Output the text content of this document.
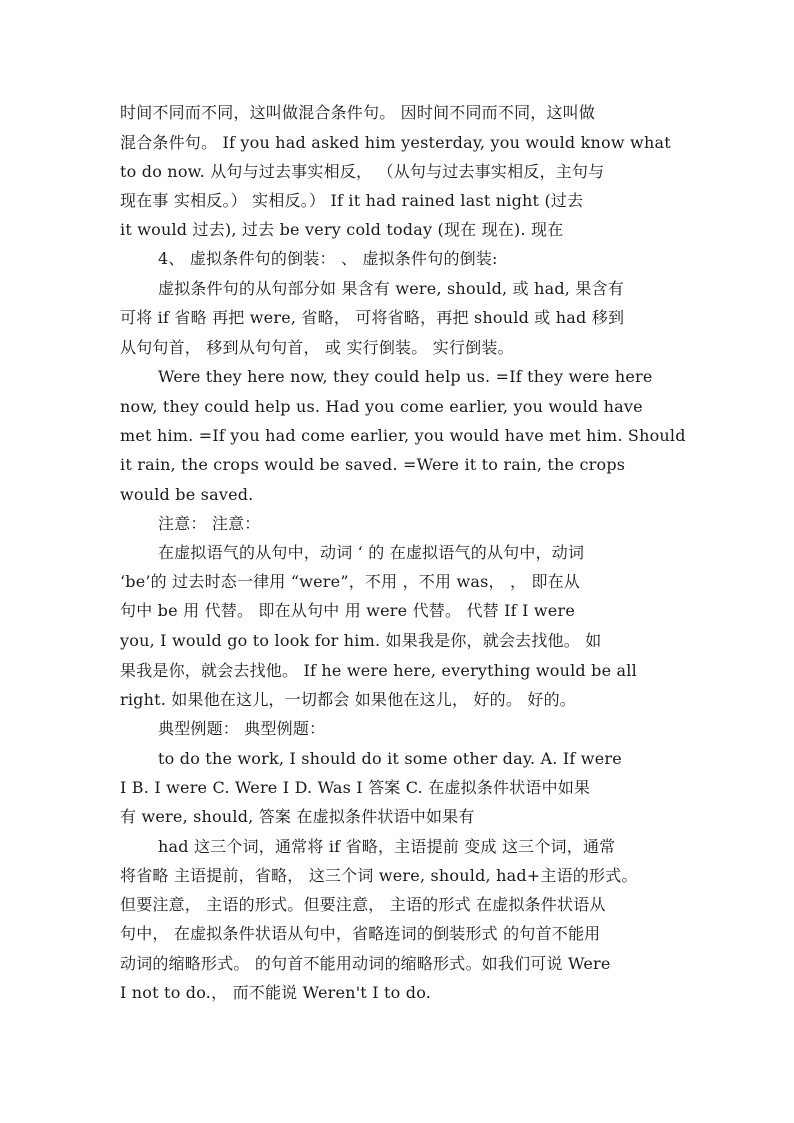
时间不同而不同，这叫做混合条件句。 因时间不同而不同，这叫做
混合条件句。 If you had asked him yesterday, you would know what
to do now. 从句与过去事实相反， （从句与过去事实相反，主句与
现在事 实相反。） 实相反。） If it had rained last night (过去
it would 过去), 过去 be very cold today (现在 现在). 现在
4、 虚拟条件句的倒装： 、 虚拟条件句的倒装:
虚拟条件句的从句部分如 果含有 were, should, 或 had, 果含有
可将 if 省略 再把 were, 省略， 可将省略，再把 should 或 had 移到
从句句首， 移到从句句首， 或 实行倒装。 实行倒装。
Were they here now, they could help us. =If they were here
now, they could help us. Had you come earlier, you would have
met him. =If you had come earlier, you would have met him. Should
it rain, the crops would be saved. =Were it to rain, the crops
would be saved.
注意： 注意：
在虚拟语气的从句中，动词 ‘ 的 在虚拟语气的从句中，动词
‘be’的 过去时态一律用 “were”，不用 ，不用 was， ， 即在从
句中 be 用 代替。 即在从句中 用 were 代替。 代替 If I were
you, I would go to look for him. 如果我是你，就会去找他。 如
果我是你，就会去找他。 If he were here, everything would be all
right. 如果他在这儿，一切都会 如果他在这儿， 好的。 好的。
典型例题： 典型例题：
to do the work, I should do it some other day. A. If were
I B. I were C. Were I D. Was I 答案 C. 在虚拟条件状语中如果
有 were, should, 答案 在虚拟条件状语中如果有
had 这三个词，通常将 if 省略，主语提前 变成 这三个词，通常
将省略 主语提前，省略， 这三个词 were, should, had+主语的形式。
但要注意， 主语的形式。但要注意， 主语的形式 在虚拟条件状语从
句中， 在虚拟条件状语从句中，省略连词的倒装形式 的句首不能用
动词的缩略形式。 的句首不能用动词的缩略形式。如我们可说 Were
I not to do.， 而不能说 Weren't I to do.
